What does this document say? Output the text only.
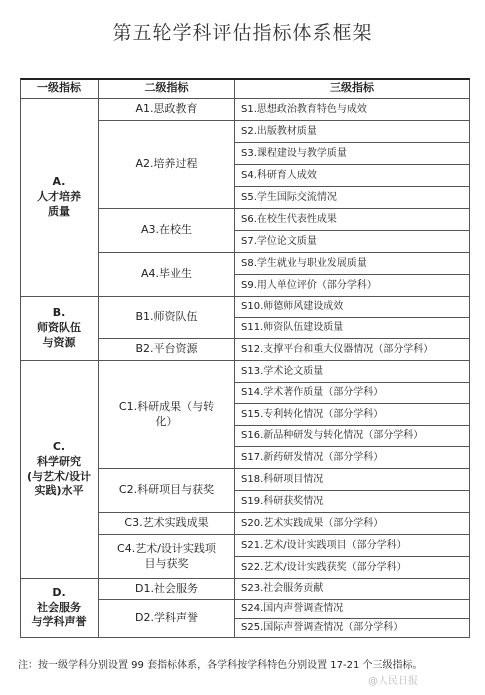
第五轮学科评估指标体系框架
一级指标	二级指标	三级指标
A.
人才培养
质量
B.
师资队伍
与资源
C.
科学研究
(与艺术/设计
实践)水平
D.
社会服务
与学科声誉
A1.思政教育
A2.培养过程
A3.在校生
A4.毕业生
B1.师资队伍
B2.平台资源
C1.科研成果（与转化）
C2.科研项目与获奖
C3.艺术实践成果
C4.艺术/设计实践项目与获奖
D1.社会服务
D2.学科声誉
S1.思想政治教育特色与成效
S2.出版教材质量
S3.课程建设与教学质量
S4.科研育人成效
S5.学生国际交流情况
S6.在校生代表性成果
S7.学位论文质量
S8.学生就业与职业发展质量
S9.用人单位评价（部分学科）
S10.师德师风建设成效
S11.师资队伍建设质量
S12.支撑平台和重大仪器情况（部分学科）
S13.学术论文质量
S14.学术著作质量（部分学科）
S15.专利转化情况（部分学科）
S16.新品种研发与转化情况（部分学科）
S17.新药研发情况（部分学科）
S18.科研项目情况
S19.科研获奖情况
S20.艺术实践成果（部分学科）
S21.艺术/设计实践项目（部分学科）
S22.艺术/设计实践获奖（部分学科）
S23.社会服务贡献
S24.国内声誉调查情况
S25.国际声誉调查情况（部分学科）
注：按一级学科分别设置 99 套指标体系，各学科按学科特色分别设置 17-21 个三级指标。
@人民日报
